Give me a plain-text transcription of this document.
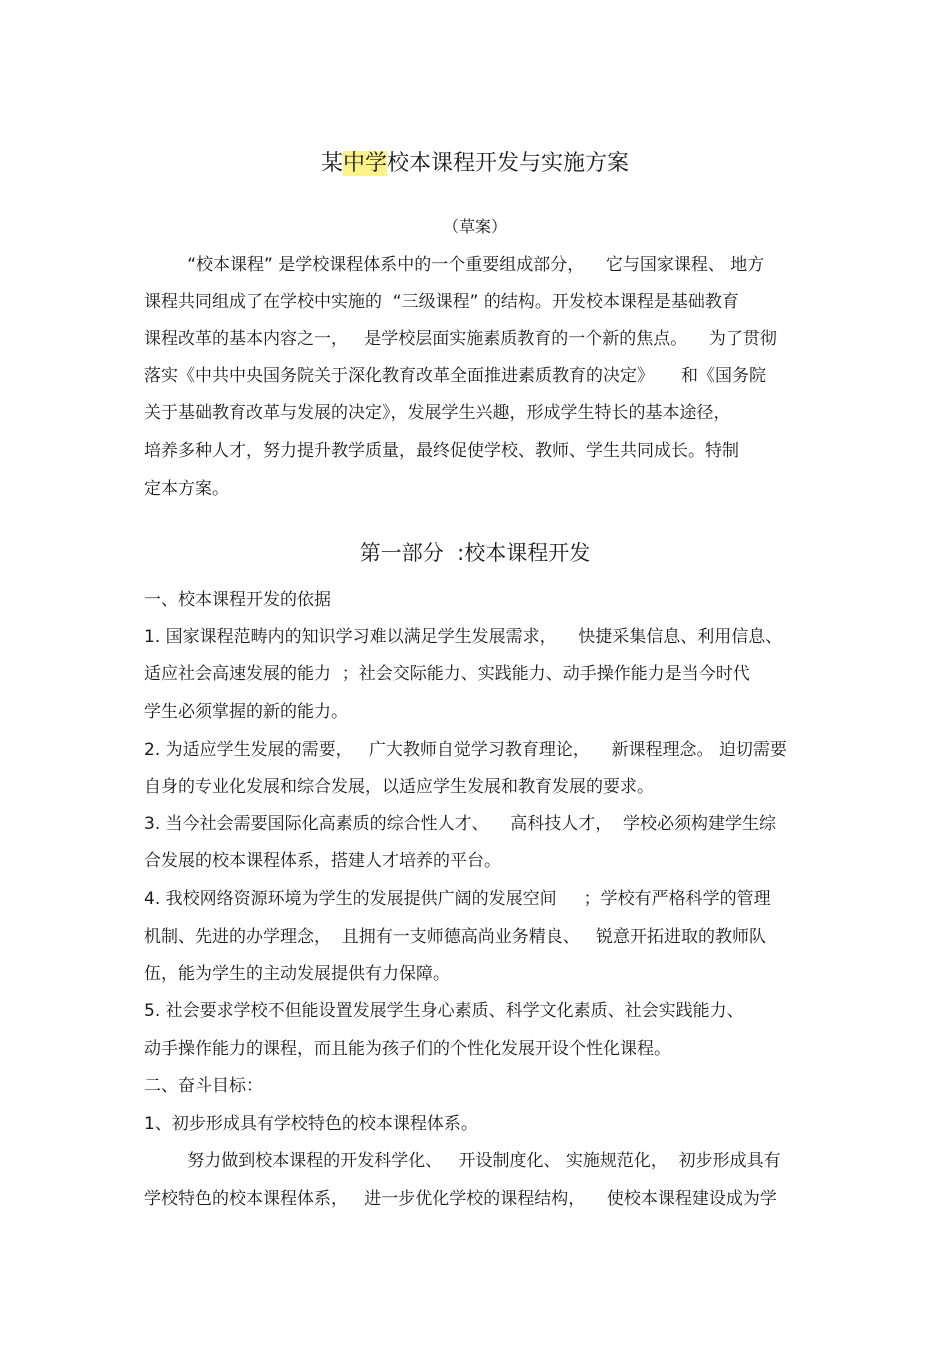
某中学校本课程开发与实施方案
（草案）
“校本课程” 是学校课程体系中的一个重要组成部分，    它与国家课程、 地方
课程共同组成了在学校中实施的  “三级课程” 的结构。开发校本课程是基础教育
课程改革的基本内容之一，   是学校层面实施素质教育的一个新的焦点。    为了贯彻
落实《中共中央国务院关于深化教育改革全面推进素质教育的决定》     和《国务院
关于基础教育改革与发展的决定》，发展学生兴趣，形成学生特长的基本途径，
培养多种人才，努力提升教学质量，最终促使学校、教师、学生共同成长。特制
定本方案。
第一部分  :校本课程开发
一、校本课程开发的依据
1. 国家课程范畴内的知识学习难以满足学生发展需求，    快捷采集信息、利用信息、
适应社会高速发展的能力  ；社会交际能力、实践能力、动手操作能力是当今时代
学生必须掌握的新的能力。
2. 为适应学生发展的需要，   广大教师自觉学习教育理论，    新课程理念。 迫切需要
自身的专业化发展和综合发展，以适应学生发展和教育发展的要求。
3. 当今社会需要国际化高素质的综合性人才、    高科技人才，  学校必须构建学生综
合发展的校本课程体系，搭建人才培养的平台。
4. 我校网络资源环境为学生的发展提供广阔的发展空间     ；学校有严格科学的管理
机制、先进的办学理念，  且拥有一支师德高尚业务精良、   锐意开拓进取的教师队
伍，能为学生的主动发展提供有力保障。
5. 社会要求学校不但能设置发展学生身心素质、科学文化素质、社会实践能力、
动手操作能力的课程，而且能为孩子们的个性化发展开设个性化课程。
二、奋斗目标：
1、初步形成具有学校特色的校本课程体系。
努力做到校本课程的开发科学化、   开设制度化、 实施规范化，  初步形成具有
学校特色的校本课程体系，   进一步优化学校的课程结构，    使校本课程建设成为学
